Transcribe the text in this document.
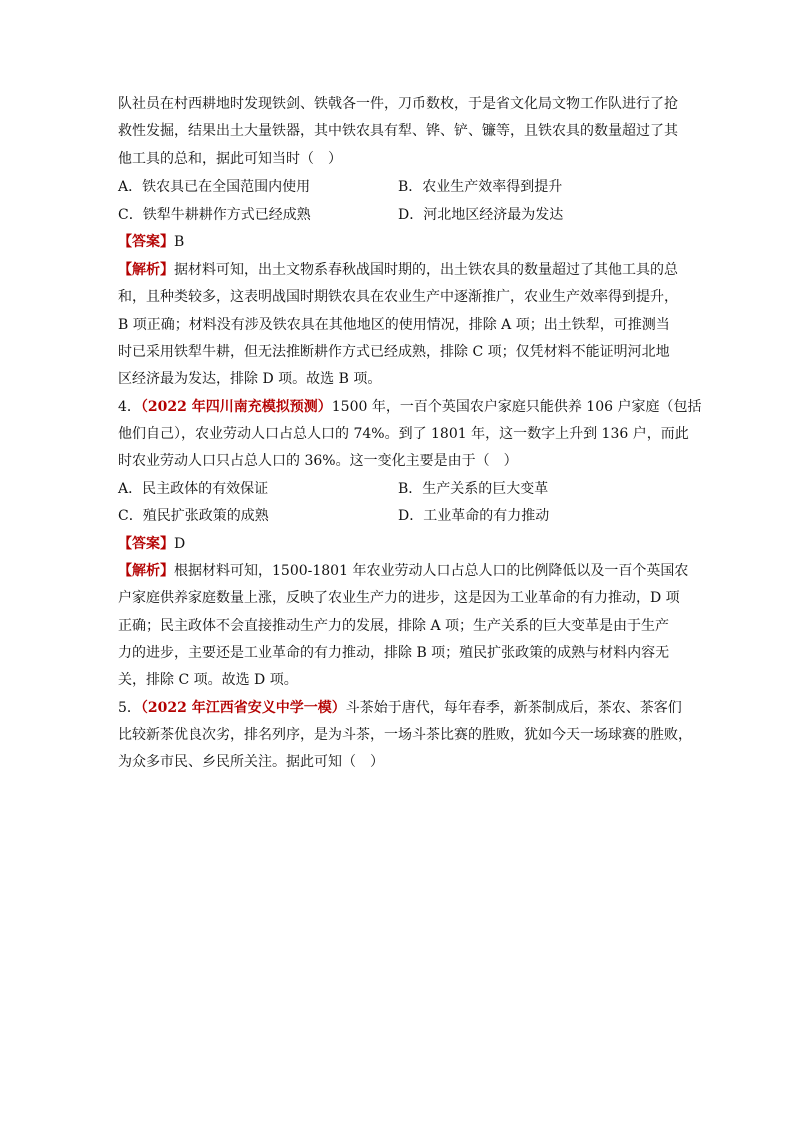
队社员在村西耕地时发现铁剑、铁戟各一件，刀币数枚，于是省文化局文物工作队进行了抢
救性发掘，结果出土大量铁器，其中铁农具有犁、铧、铲、镰等，且铁农具的数量超过了其
他工具的总和，据此可知当时（　）
A．铁农具已在全国范围内使用	B．农业生产效率得到提升
C．铁犁牛耕耕作方式已经成熟	D．河北地区经济最为发达
【答案】B
【解析】据材料可知，出土文物系春秋战国时期的，出土铁农具的数量超过了其他工具的总
和，且种类较多，这表明战国时期铁农具在农业生产中逐渐推广，农业生产效率得到提升，
B 项正确；材料没有涉及铁农具在其他地区的使用情况，排除 A 项；出土铁犁，可推测当
时已采用铁犁牛耕，但无法推断耕作方式已经成熟，排除 C 项；仅凭材料不能证明河北地
区经济最为发达，排除 D 项。故选 B 项。
4．（2022 年四川南充模拟预测）1500 年，一百个英国农户家庭只能供养 106 户家庭（包括
他们自己），农业劳动人口占总人口的 74%。到了 1801 年，这一数字上升到 136 户，而此
时农业劳动人口只占总人口的 36%。这一变化主要是由于（　）
A．民主政体的有效保证	B．生产关系的巨大变革
C．殖民扩张政策的成熟	D．工业革命的有力推动
【答案】D
【解析】根据材料可知，1500-1801 年农业劳动人口占总人口的比例降低以及一百个英国农
户家庭供养家庭数量上涨，反映了农业生产力的进步，这是因为工业革命的有力推动，D 项
正确；民主政体不会直接推动生产力的发展，排除 A 项；生产关系的巨大变革是由于生产
力的进步，主要还是工业革命的有力推动，排除 B 项；殖民扩张政策的成熟与材料内容无
关，排除 C 项。故选 D 项。
5．（2022 年江西省安义中学一模）斗茶始于唐代，每年春季，新茶制成后，茶农、茶客们
比较新茶优良次劣，排名列序，是为斗茶，一场斗茶比赛的胜败，犹如今天一场球赛的胜败，
为众多市民、乡民所关注。据此可知（　）
